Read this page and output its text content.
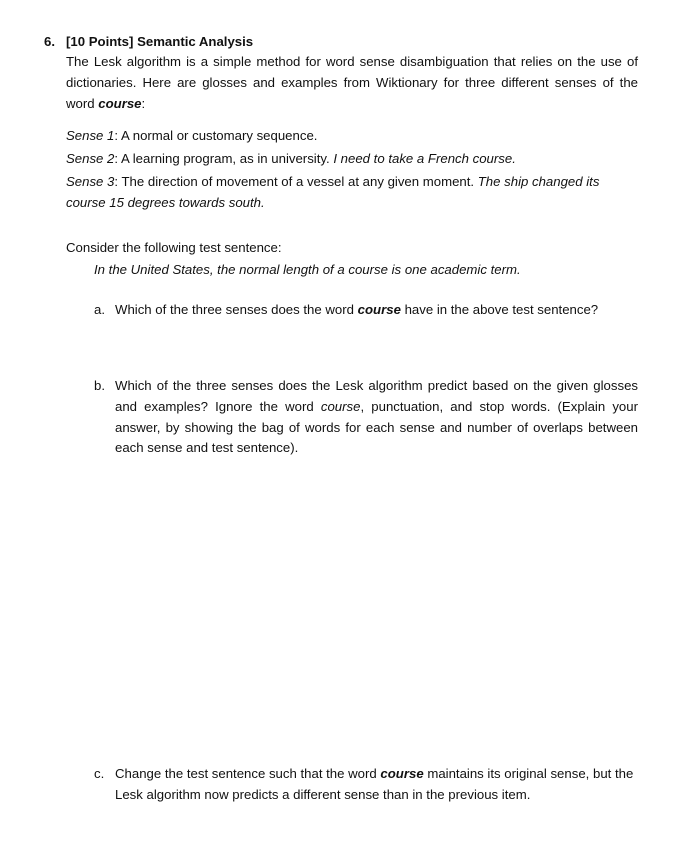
6. [10 Points] Semantic Analysis
The Lesk algorithm is a simple method for word sense disambiguation that relies on the use of dictionaries. Here are glosses and examples from Wiktionary for three different senses of the word course:
Sense 1: A normal or customary sequence.
Sense 2: A learning program, as in university. I need to take a French course.
Sense 3: The direction of movement of a vessel at any given moment. The ship changed its course 15 degrees towards south.
Consider the following test sentence:
In the United States, the normal length of a course is one academic term.
a. Which of the three senses does the word course have in the above test sentence?
b. Which of the three senses does the Lesk algorithm predict based on the given glosses and examples? Ignore the word course, punctuation, and stop words. (Explain your answer, by showing the bag of words for each sense and number of overlaps between each sense and test sentence).
c. Change the test sentence such that the word course maintains its original sense, but the Lesk algorithm now predicts a different sense than in the previous item.
